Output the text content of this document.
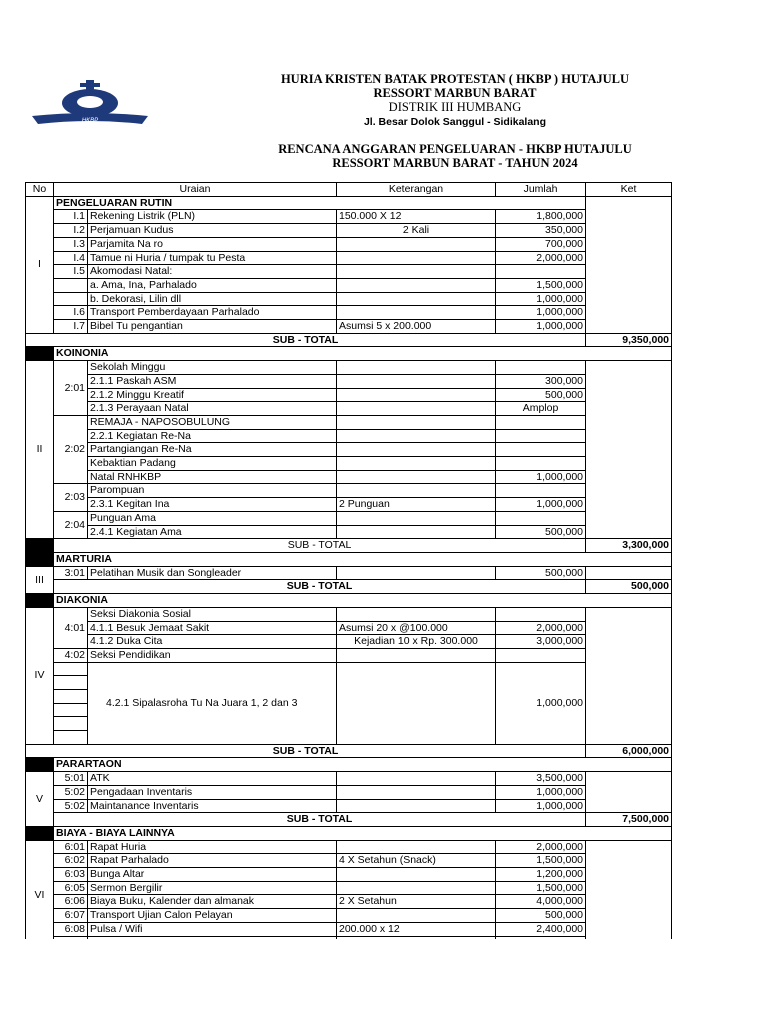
HKBP
HURIA KRISTEN BATAK PROTESTAN ( HKBP ) HUTAJULU
RESSORT MARBUN BARAT
DISTRIK III HUMBANG
Jl. Besar Dolok Sanggul - Sidikalang
RENCANA ANGGARAN PENGELUARAN - HKBP HUTAJULU
RESSORT MARBUN BARAT - TAHUN 2024
No	Uraian		Keterangan	Jumlah	Ket
I	PENGELUARAN RUTIN				
	I.1	Rekening Listrik (PLN)	150.000 X 12	1,800,000	
	I.2	Perjamuan Kudus	2 Kali	350,000	
	I.3	Parjamita Na ro		700,000	
	I.4	Tamue ni Huria / tumpak tu Pesta		2,000,000	
	I.5	Akomodasi Natal:			
		a. Ama, Ina, Parhalado		1,500,000	
		b. Dekorasi, Lilin dll		1,000,000	
	I.6	Transport Pemberdayaan Parhalado		1,000,000	
	I.7	Bibel Tu pengantian	Asumsi 5 x 200.000	1,000,000	
SUB - TOTAL					9,350,000
	KOINONIA				
II	2:01	Sekolah Minggu			
		2.1.1 Paskah ASM		300,000	
		2.1.2 Minggu Kreatif		500,000	
		2.1.3 Perayaan Natal		Amplop	
	2:02	REMAJA - NAPOSOBULUNG			
		2.2.1 Kegiatan Re-Na			
		Partangiangan Re-Na			
		Kebaktian Padang			
		Natal RNHKBP		1,000,000	
	2:03	Parompuan			
		2.3.1 Kegitan Ina	2 Punguan	1,000,000	
	2:04	Punguan Ama			
		2.4.1 Kegiatan Ama		500,000	
	SUB - TOTAL				3,300,000
	MARTURIA				
III	3:01	Pelatihan Musik dan Songleader		500,000	
	SUB - TOTAL				500,000
	DIAKONIA				
IV	4:01	Seksi Diakonia Sosial			
		4.1.1 Besuk Jemaat Sakit	Asumsi 20 x @100.000	2,000,000	
		4.1.2 Duka Cita	Kejadian 10 x Rp. 300.000	3,000,000	
	4:02	Seksi Pendidikan			
		4.2.1 Sipalasroha Tu Na Juara 1, 2 dan 3		1,000,000	

SUB - TOTAL					6,000,000
	PARARTAON				
V	5:01	ATK		3,500,000	
	5:02	Pengadaan Inventaris		1,000,000	
	5:02	Maintanance Inventaris		1,000,000	
	SUB - TOTAL				7,500,000
	BIAYA - BIAYA LAINNYA				
VI	6:01	Rapat Huria		2,000,000	
	6:02	Rapat Parhalado	4 X Setahun (Snack)	1,500,000	
	6:03	Bunga Altar		1,200,000	
	6:05	Sermon Bergilir		1,500,000	
	6:06	Biaya Buku, Kalender dan almanak	2 X Setahun	4,000,000	
	6:07	Transport Ujian Calon Pelayan		500,000	
	6:08	Pulsa / Wifi	200.000 x 12	2,400,000	
